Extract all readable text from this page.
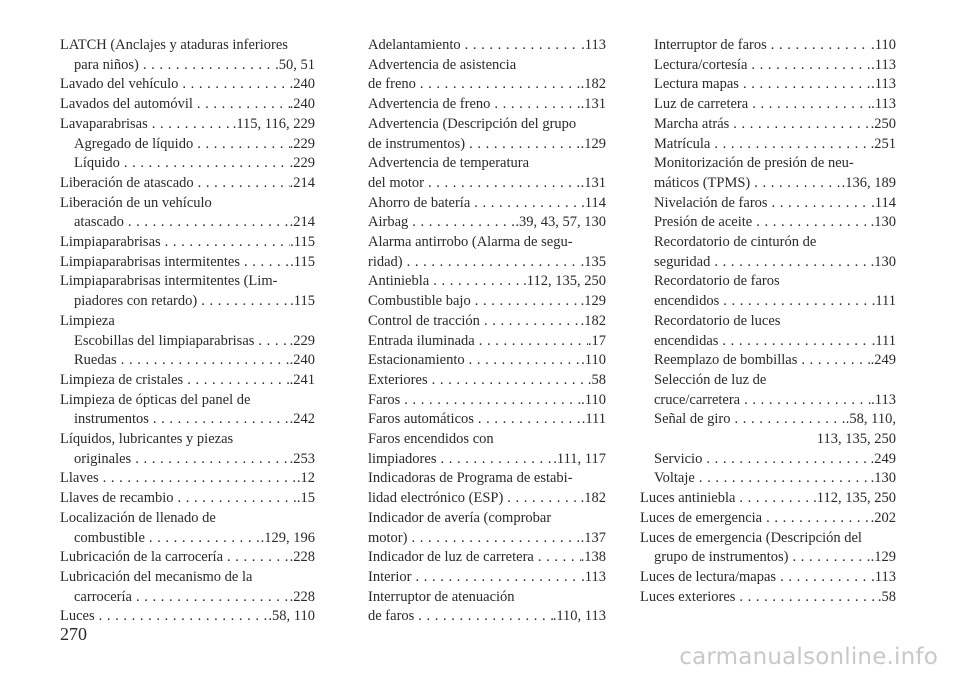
LATCH (Anclajes y ataduras inferiores
para niños) . . .	.50, 51
Lavado del vehículo . . .	.240
Lavados del automóvil . . .	.240
Lavaparabrisas . . .	.115, 116, 229
Agregado de líquido . . .	.229
Líquido . . .	.229
Liberación de atascado . . .	.214
Liberación de un vehículo
atascado . . .	.214
Limpiaparabrisas . . .	.115
Limpiaparabrisas intermitentes . . .	.115
Limpiaparabrisas intermitentes (Lim-
piadores con retardo) . . .	.115
Limpieza
Escobillas del limpiaparabrisas . . . .229
Ruedas . . .	.240
Limpieza de cristales . . .	.241
Limpieza de ópticas del panel de
instrumentos . . .	.242
Líquidos, lubricantes y piezas
originales . . .	.253
Llaves . . .	.12
Llaves de recambio . . .	.15
Localización de llenado de
combustible . . .	.129, 196
Lubricación de la carrocería . . .	.228
Lubricación del mecanismo de la
carrocería . . .	.228
Luces . . .	.58, 110
Adelantamiento . . .	.113
Advertencia de asistencia
de freno . . .	.182
Advertencia de freno . . .	.131
Advertencia (Descripción del grupo
de instrumentos) . . .	.129
Advertencia de temperatura
del motor . . .	.131
Ahorro de batería . . .	.114
Airbag . . .	.39, 43, 57, 130
Alarma antirrobo (Alarma de segu-
ridad) . . .	.135
Antiniebla . . .	.112, 135, 250
Combustible bajo . . .	.129
Control de tracción . . .	.182
Entrada iluminada . . .	.17
Estacionamiento . . .	.110
Exteriores . . .	.58
Faros . . .	.110
Faros automáticos . . .	.111
Faros encendidos con
limpiadores . . .	.111, 117
Indicadoras de Programa de estabi-
lidad electrónico (ESP) . . .	.182
Indicador de avería (comprobar
motor) . . .	.137
Indicador de luz de carretera . . .	.138
Interior . . .	.113
Interruptor de atenuación
de faros . . .	.110, 113
Interruptor de faros . . .	.110
Lectura/cortesía . . .	.113
Lectura mapas . . .	.113
Luz de carretera . . .	.113
Marcha atrás . . .	.250
Matrícula . . .	.251
Monitorización de presión de neu-
máticos (TPMS) . . .	.136, 189
Nivelación de faros . . .	.114
Presión de aceite . . .	.130
Recordatorio de cinturón de
seguridad . . .	.130
Recordatorio de faros
encendidos . . .	.111
Recordatorio de luces
encendidas . . .	.111
Reemplazo de bombillas . . .	.249
Selección de luz de
cruce/carretera . . .	.113
Señal de giro . . .	.58, 110,
113, 135, 250
Servicio . . .	.249
Voltaje . . .	.130
Luces antiniebla . . .	.112, 135, 250
Luces de emergencia . . .	.202
Luces de emergencia (Descripción del
grupo de instrumentos) . . .	.129
Luces de lectura/mapas . . .	.113
Luces exteriores . . .	.58
270
carmanualsonline.info
